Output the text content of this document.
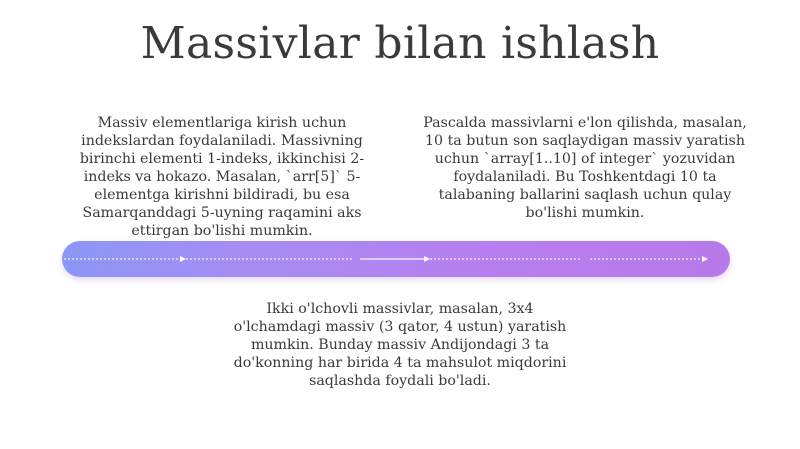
Massivlar bilan ishlash

Massiv elementlariga kirish uchun indekslardan foydalaniladi. Massivning birinchi elementi 1-indeks, ikkinchisi 2-indeks va hokazo. Masalan, `arr[5]` 5-elementga kirishni bildiradi, bu esa Samarqanddagi 5-uyning raqamini aks ettirgan bo'lishi mumkin.

Pascalda massivlarni e'lon qilishda, masalan, 10 ta butun son saqlaydigan massiv yaratish uchun `array[1..10] of integer` yozuvidan foydalaniladi. Bu Toshkentdagi 10 ta talabaning ballarini saqlash uchun qulay bo'lishi mumkin.

Ikki o'lchovli massivlar, masalan, 3x4 o'lchamdagi massiv (3 qator, 4 ustun) yaratish mumkin. Bunday massiv Andijondagi 3 ta do'konning har birida 4 ta mahsulot miqdorini saqlashda foydali bo'ladi.
